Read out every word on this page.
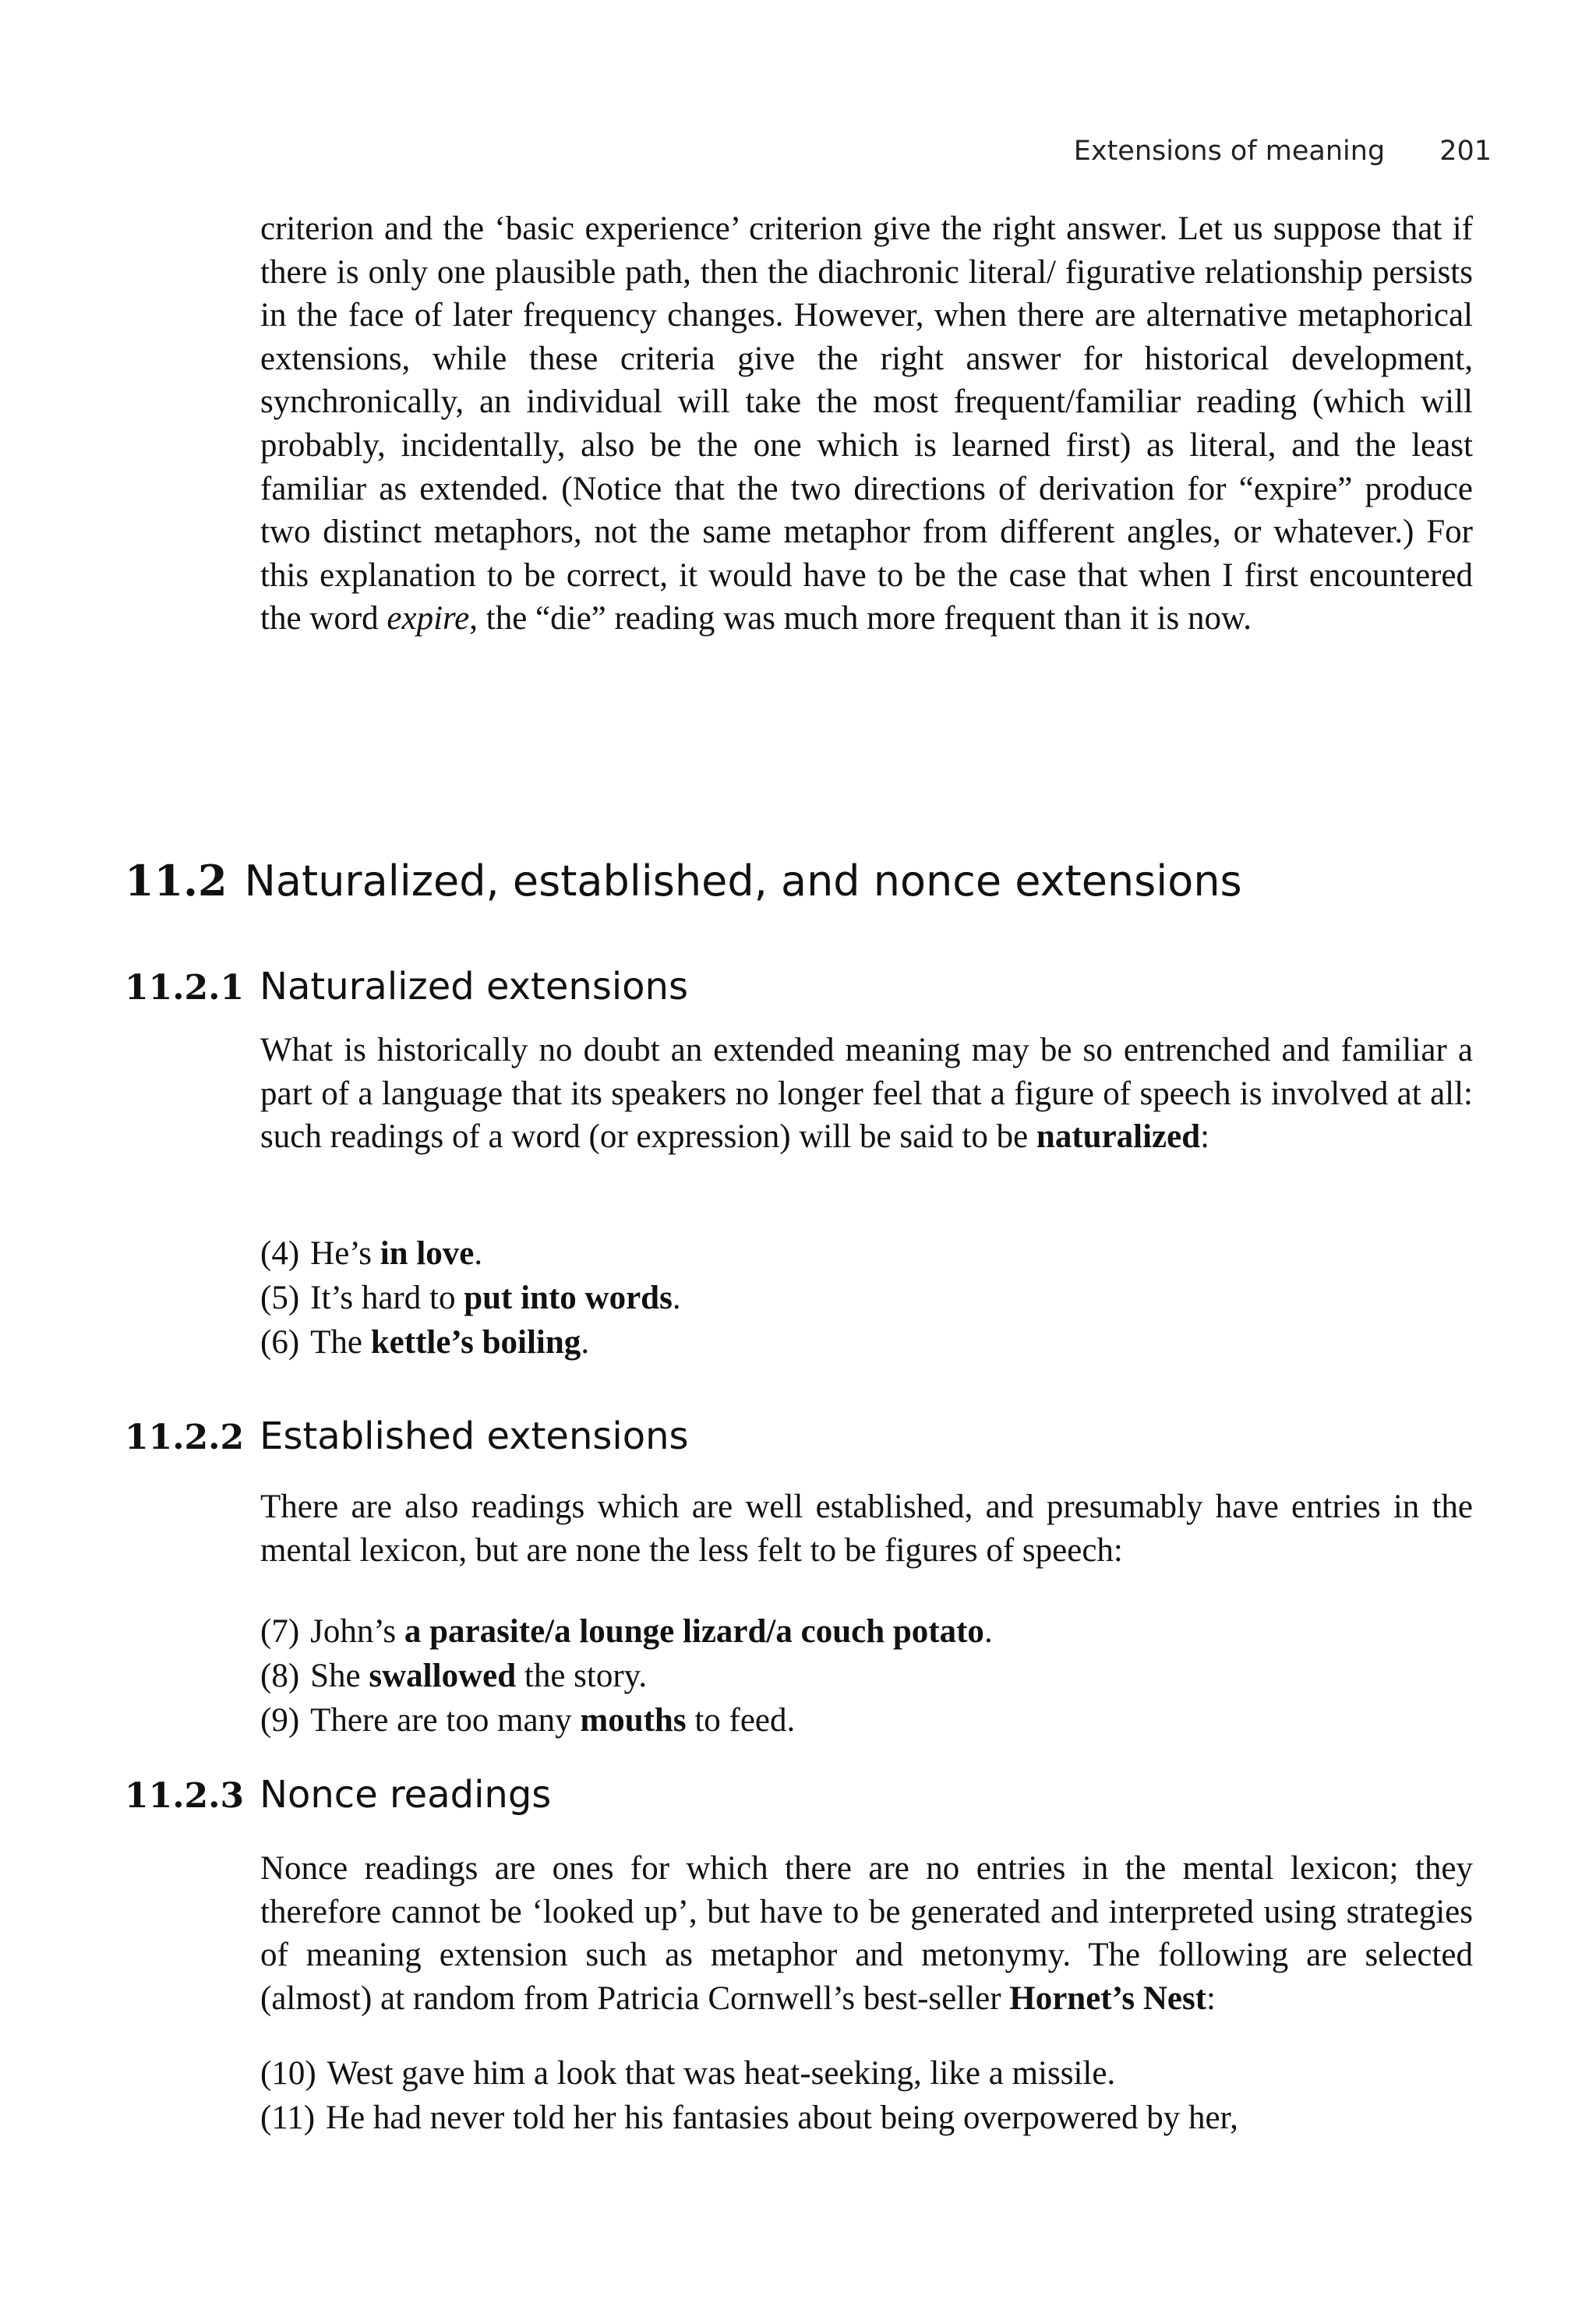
Extensions of meaning 201

criterion and the ‘basic experience’ criterion give the right answer. Let us suppose that if there is only one plausible path, then the diachronic literal/ figurative relationship persists in the face of later frequency changes. However, when there are alternative metaphorical extensions, while these criteria give the right answer for historical development, synchronically, an individual will take the most frequent/familiar reading (which will probably, incidentally, also be the one which is learned first) as literal, and the least familiar as extended. (Notice that the two directions of derivation for “expire” produce two distinct metaphors, not the same metaphor from different angles, or whatever.) For this explanation to be correct, it would have to be the case that when I first encountered the word expire, the “die” reading was much more frequent than it is now.

11.2 Naturalized, established, and nonce extensions
11.2.1 Naturalized extensions

What is historically no doubt an extended meaning may be so entrenched and familiar a part of a language that its speakers no longer feel that a figure of speech is involved at all: such readings of a word (or expression) will be said to be naturalized:

(4) He’s in love.
(5) It’s hard to put into words.
(6) The kettle’s boiling.
11.2.2 Established extensions

There are also readings which are well established, and presumably have entries in the mental lexicon, but are none the less felt to be figures of speech:

(7) John’s a parasite/a lounge lizard/a couch potato.
(8) She swallowed the story.
(9) There are too many mouths to feed.
11.2.3 Nonce readings

Nonce readings are ones for which there are no entries in the mental lexicon; they therefore cannot be ‘looked up’, but have to be generated and interpreted using strategies of meaning extension such as metaphor and metonymy. The following are selected (almost) at random from Patricia Cornwell’s best-seller Hornet’s Nest:

(10) West gave him a look that was heat-seeking, like a missile.
(11) He had never told her his fantasies about being overpowered by her,
